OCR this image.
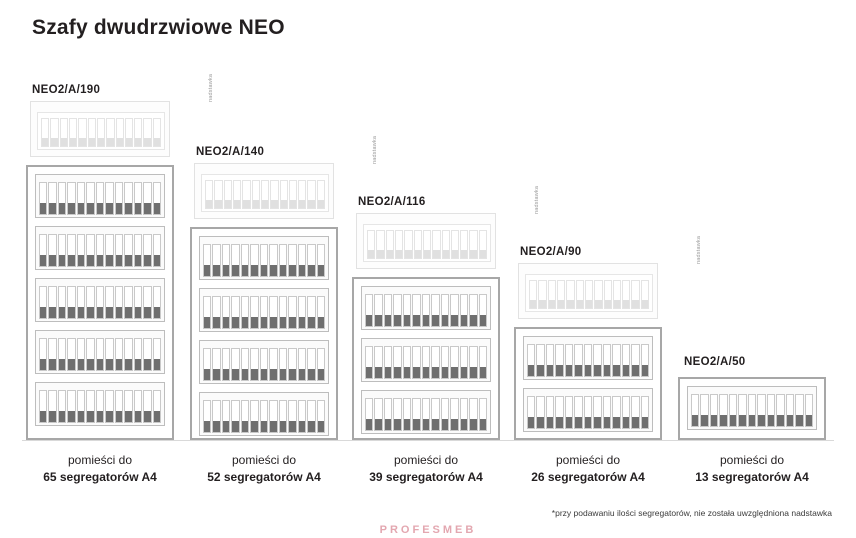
Szafy dwudrzwiowe NEO
NEO2/A/190	nadstawka
pomieści do
65 segregatorów A4
NEO2/A/140	nadstawka
pomieści do
52 segregatorów A4
NEO2/A/116	nadstawka
pomieści do
39 segregatorów A4
NEO2/A/90	nadstawka
pomieści do
26 segregatorów A4
NEO2/A/50
pomieści do
13 segregatorów A4
*przy podawaniu ilości segregatorów, nie została uwzględniona nadstawka
PROFESMEB
